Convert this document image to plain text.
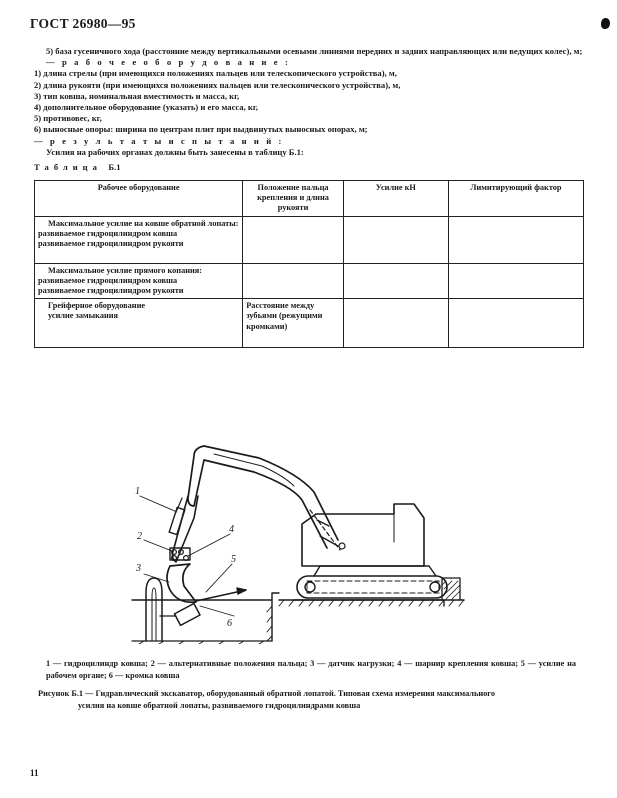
ГОСТ 26980—95

5) база гусеничного хода (расстояние между вертикальными осевыми линиями передних и задних направляющих или ведущих колес), м;

— р а б о ч е е о б о р у д о в а н и е :

1) длина стрелы (при имеющихся положениях пальцев или телескопического устройства), м,

2) длина рукояти (при имеющихся положениях пальцев или телескопического устройства), м,

3) тип ковша, номинальная вместимость и масса, кг,

4) дополнительное оборудование (указать) и его масса, кг,

5) противовес, кг,

6) выносные опоры: ширина по центрам плит при выдвинутых выносных опорах, м;

— р е з у л ь т а т ы и с п ы т а н и й :

Усилия на рабочих органах должны быть занесены в таблицу Б.1:

Таблица Б.1
Рабочее оборудование	Положение пальца крепления и длина рукояти	Усилие кН	Лимитирующий фактор

Максимальное усилие на ковше обратной лопаты:
развиваемое гидроцилиндром ковша
развиваемое гидроцилиндром рукояти			

Максимальное усилие прямого копания:
развиваемое гидроцилиндром ковша
развиваемое гидроцилиндром рукояти			

Грейферное оборудование
усилие замыкания	Расстояние между зубьями (режущими кромками)		
1
2
3
4
5
6
1 — гидроцилиндр ковша; 2 — альтернативные положения пальца; 3 — датчик нагрузки; 4 — шарнир крепления ковша; 5 — усилие на рабочем органе; 6 — кромка ковша

Рисунок Б.1 — Гидравлический экскаватор, оборудованный обратной лопатой. Типовая схема измерения максимального

усилия на ковше обратной лопаты, развиваемого гидроцилиндрами ковша

11
